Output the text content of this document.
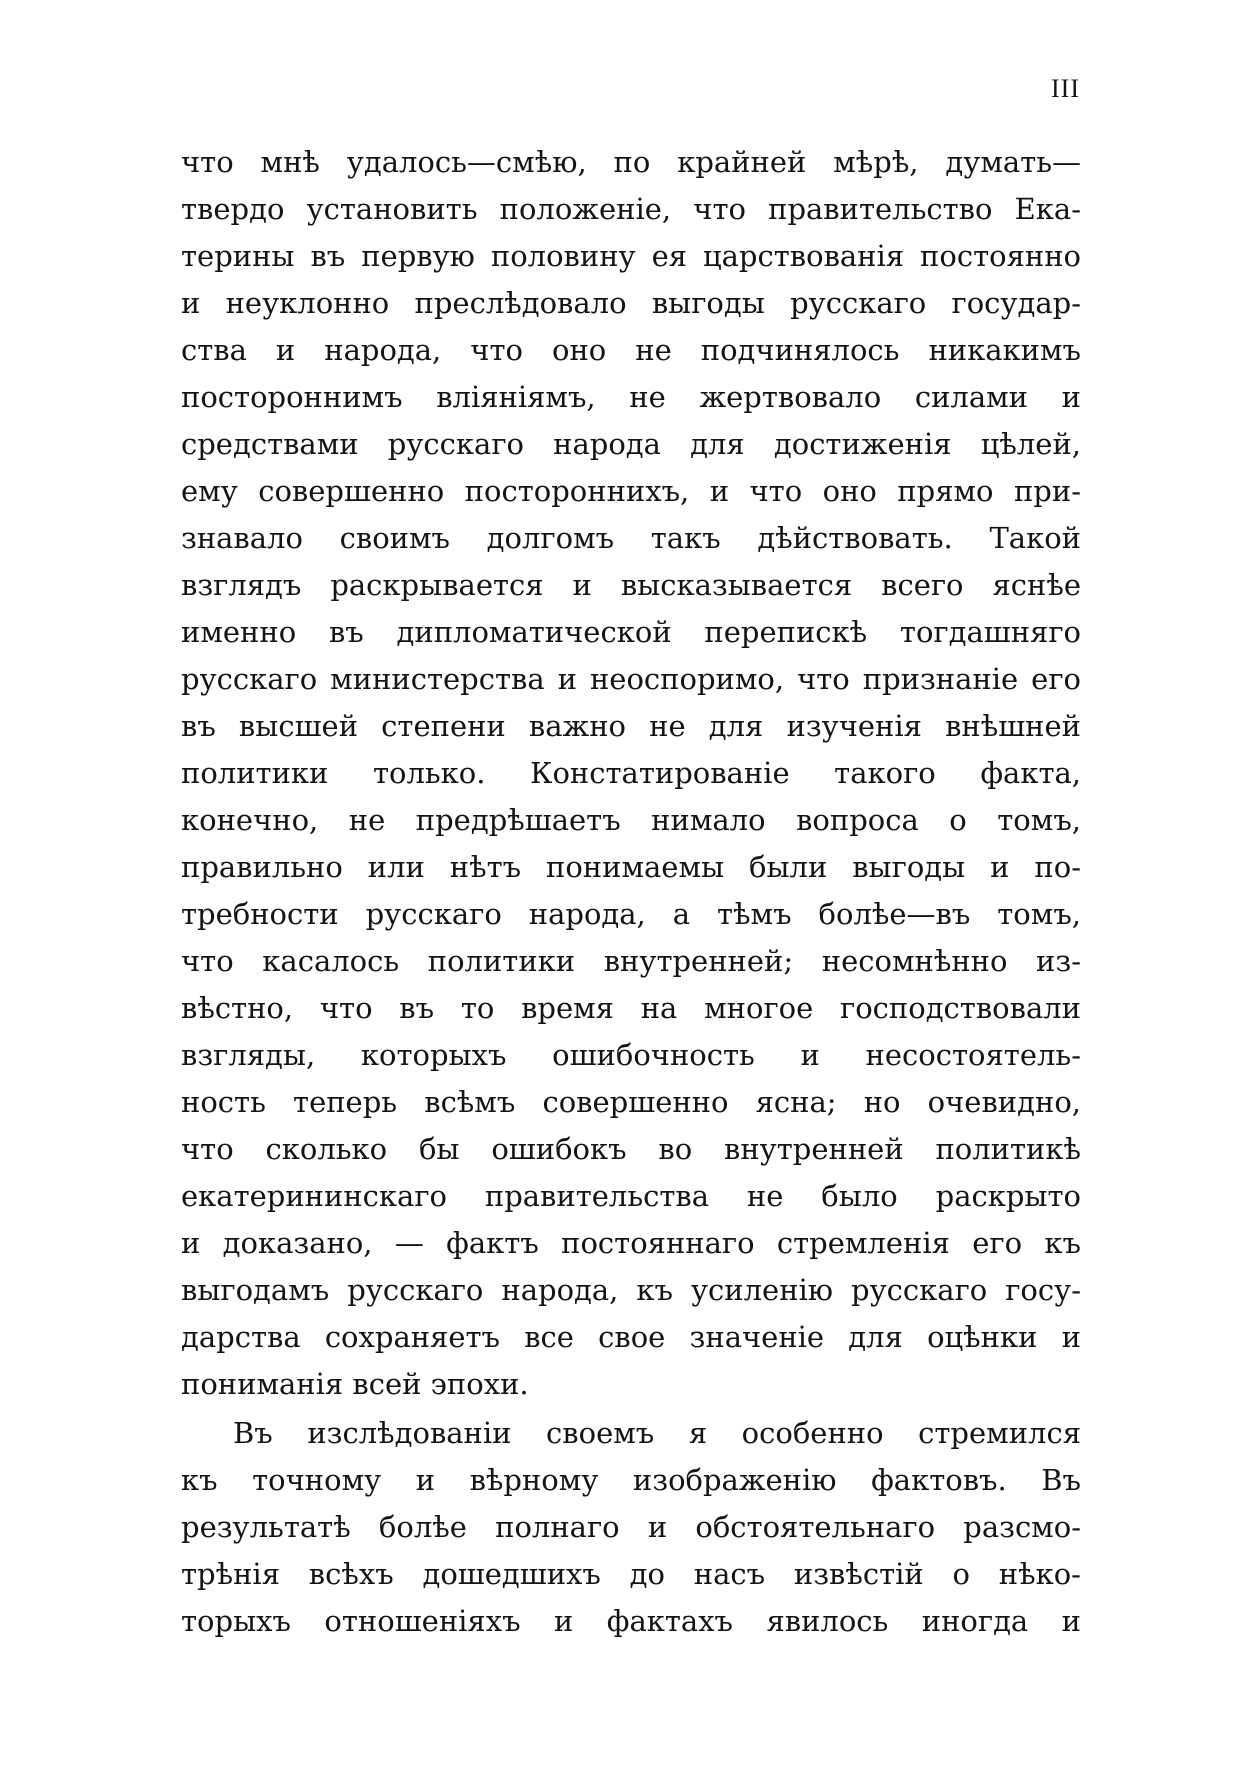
III
что мнѣ удалось—смѣю, по крайней мѣрѣ, думать—
твердо установить положеніе, что правительство Ека-
терины въ первую половину ея царствованія постоянно
и неуклонно преслѣдовало выгоды русскаго государ-
ства и народа, что оно не подчинялось никакимъ
постороннимъ вліяніямъ, не жертвовало силами и
средствами русскаго народа для достиженія цѣлей,
ему совершенно постороннихъ, и что оно прямо при-
знавало своимъ долгомъ такъ дѣйствовать. Такой
взглядъ раскрывается и высказывается всего яснѣе
именно въ дипломатической перепискѣ тогдашняго
русскаго министерства и неоспоримо, что признаніе его
въ высшей степени важно не для изученія внѣшней
политики только. Констатированіе такого факта,
конечно, не предрѣшаетъ нимало вопроса о томъ,
правильно или нѣтъ понимаемы были выгоды и по-
требности русскаго народа, а тѣмъ болѣе—въ томъ,
что касалось политики внутренней; несомнѣнно из-
вѣстно, что въ то время на многое господствовали
взгляды, которыхъ ошибочность и несостоятель-
ность теперь всѣмъ совершенно ясна; но очевидно,
что сколько бы ошибокъ во внутренней политикѣ
екатерининскаго правительства не было раскрыто
и доказано, — фактъ постояннаго стремленія его къ
выгодамъ русскаго народа, къ усиленію русскаго госу-
дарства сохраняетъ все свое значеніе для оцѣнки и
пониманія всей эпохи.
Въ изслѣдованіи своемъ я особенно стремился
къ точному и вѣрному изображенію фактовъ. Въ
результатѣ болѣе полнаго и обстоятельнаго разсмо-
трѣнія всѣхъ дошедшихъ до насъ извѣстій о нѣко-
торыхъ отношеніяхъ и фактахъ явилось иногда и
